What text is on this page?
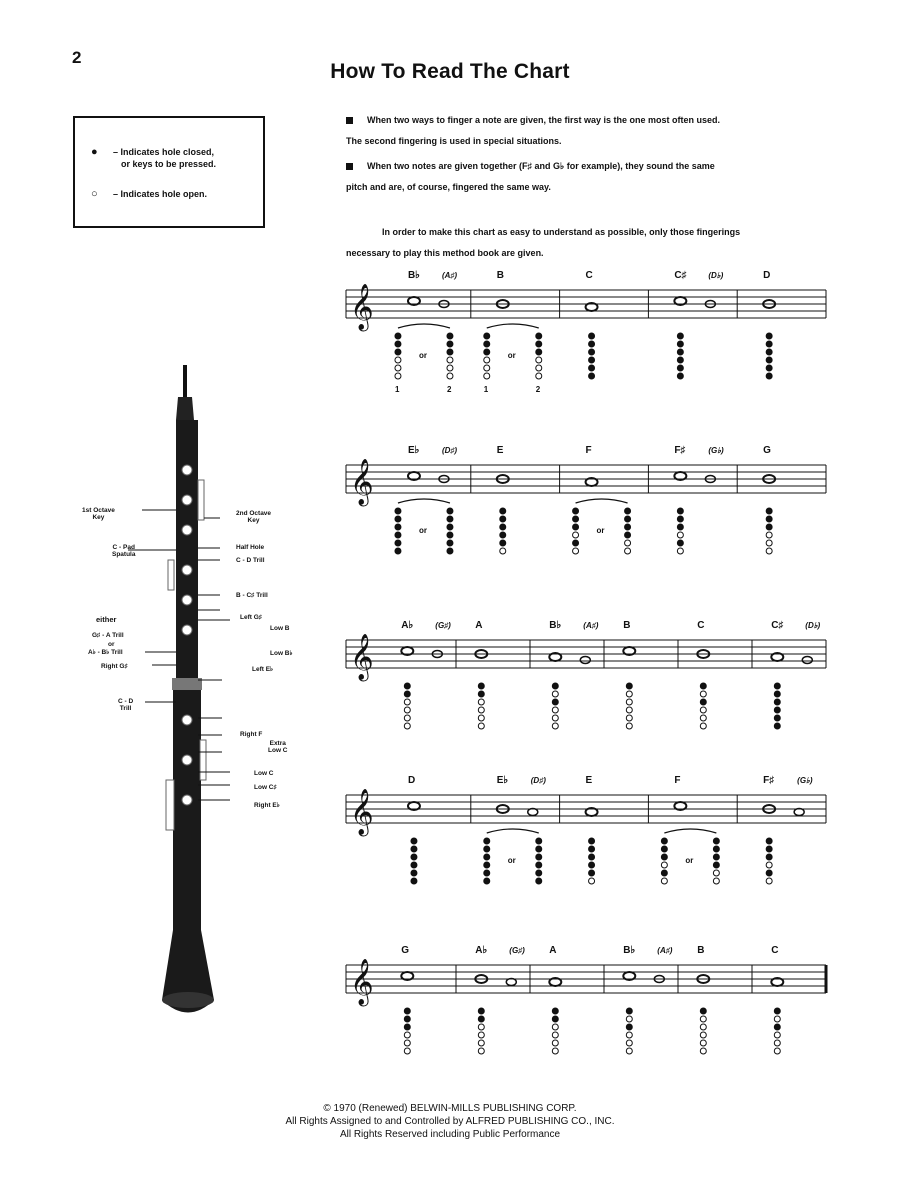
2
How To Read The Chart
● – Indicates hole closed,
or keys to be pressed.
○ – Indicates hole open.
When two ways to finger a note are given, the first way is the one most often used.
The second fingering is used in special situations.
When two notes are given together (F♯ and G♭ for example), they sound the same
pitch and are, of course, fingered the same way.
In order to make this chart as easy to understand as possible, only those fingerings
necessary to play this method book are given.
1st Octave
Key
2nd Octave
Key
C - Pad
Spatula
Half Hole
C - D Trill
B - C♯ Trill
Left G♯
Low B
Low B♭
Left E♭
either
G♯ - A Trill
or
A♭ - B♭ Trill
Right G♯
C - D
Trill
Right F
Extra
Low C
Low C
Low C♯
Right E♭
𝄞
B♭	(A♯)
1	2
or
B
1	2
or
C	C♯	(D♭)	D
𝄞
E♭	(D♯)
or
E	F
or
F♯	(G♭)	G
𝄞
A♭	(G♯) A	B♭	(A♯) B	C	C♯	(D♭)
𝄞
D	E♭	(D♯)
or
E	F
or
F♯	(G♭)
𝄞
G	A♭	(G♯) A	B♭	(A♯) B	C
© 1970 (Renewed) BELWIN-MILLS PUBLISHING CORP.
All Rights Assigned to and Controlled by ALFRED PUBLISHING CO., INC.
All Rights Reserved including Public Performance
